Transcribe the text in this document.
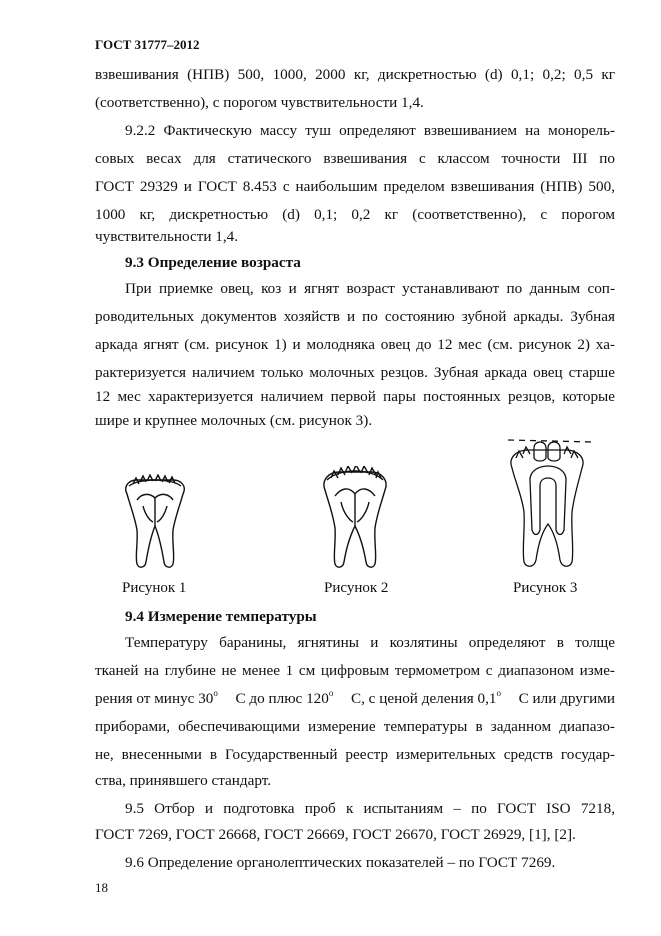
ГОСТ 31777–2012
взвешивания (НПВ) 500, 1000, 2000 кг, дискретностью (d) 0,1; 0,2; 0,5 кг
(соответственно), с порогом чувствительности 1,4.
9.2.2 Фактическую массу туш определяют взвешиванием на монорель-
совых весах для статического взвешивания с классом точности III по
ГОСТ 29329 и ГОСТ 8.453 с наибольшим пределом взвешивания (НПВ) 500,
1000 кг, дискретностью (d) 0,1; 0,2 кг (соответственно), с порогом
чувствительности 1,4.
9.3 Определение возраста
При приемке овец, коз и ягнят возраст устанавливают по данным соп-
роводительных документов хозяйств и по состоянию зубной аркады. Зубная
аркада ягнят (см. рисунок 1) и молодняка овец до 12 мес (см. рисунок 2) ха-
рактеризуется наличием только молочных резцов. Зубная аркада овец старше
12 мес характеризуется наличием первой пары постоянных резцов, которые
шире и крупнее молочных (см. рисунок 3).
Рисунок 1	Рисунок 2	Рисунок 3
9.4 Измерение температуры
Температуру баранины, ягнятины и козлятины определяют в толще
тканей на глубине не менее 1 см цифровым термометром с диапазоном изме-
рения от минус 30$^o$ С до плюс 120$^o$ С, с ценой деления 0,1$^o$ С или другими
приборами, обеспечивающими измерение температуры в заданном диапазо-
не, внесенными в Государственный реестр измерительных средств государ-
ства, принявшего стандарт.
9.5 Отбор и подготовка проб к испытаниям – по ГОСТ ISO 7218,
ГОСТ 7269, ГОСТ 26668, ГОСТ 26669, ГОСТ 26670, ГОСТ 26929, [1], [2].
9.6 Определение органолептических показателей – по ГОСТ 7269.
18
